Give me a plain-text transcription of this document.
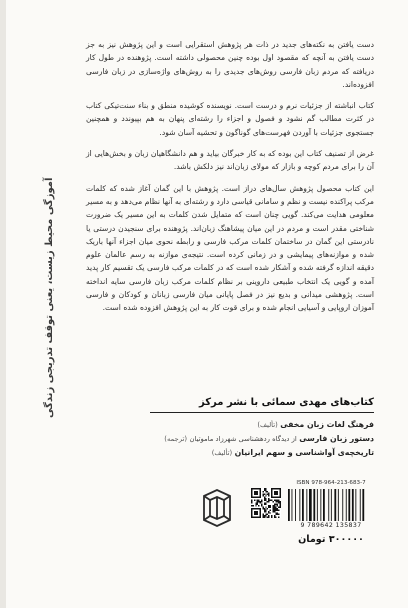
دست یافتن به نکته‌های جدید در ذات هر پژوهش استقرایی است و این پژوهش نیز به جز دست یافتن به آنچه که مقصود اول بوده چنین محصولی داشته است. پژوهنده در طول کار دریافته که مردم زبان فارسی روش‌های جدیدی را به روش‌های واژه‌سازی در زبان فارسی افزوده‌اند.

کتاب انباشته از جزئیات نرم و درست است. نویسنده کوشیده منطق و بناء سنت‌تیکی کتاب در کثرت مطالب گم نشود و فصول و اجزاء را رشته‌ای پنهان به هم بپیوندد و همچنین جستجوی جزئیات با آوردن فهرست‌های گوناگون و تحشیه آسان شود.

غرض از تصنیف کتاب این بوده که به کار خبرگان بیاید و هم دانشگاهیان زبان و بخش‌هایی از آن را برای مردم کوچه و بازار که مولای زبان‌اند نیز دلکش باشد.

این کتاب محصول پژوهش سال‌های دراز است. پژوهش با این گمان آغاز شده که کلمات مرکب پراکنده نیست و نظم و سامانی قیاسی دارد و رشته‌ای به آنها نظام می‌دهد و به مسیر معلومی هدایت می‌کند. گویی چنان است که متمایل شدن کلمات به این مسیر یک ضرورت شناختی مقدر است و مردم در این میان پیشاهنگ زبان‌اند. پژوهنده برای سنجیدن درستی یا نادرستی این گمان در ساختمان کلمات مرکب فارسی و رابطه نحوی میان اجزاء آنها باریک شده و موازنه‌های پیمایشی و در زمانی کرده است. نتیجه‌ی موازنه به رسم عالمان علوم دقیقه اندازه گرفته شده و آشکار شده است که در کلمات مرکب فارسی یک تقسیم کار پدید آمده و گویی یک انتخاب طبیعی داروینی بر نظام کلمات مرکب زبان فارسی سایه انداخته است. پژوهشی میدانی و بدیع نیز در فصل پایانی میان فارسی زبانان و کودکان و فارسی آموزان اروپایی و آسیایی انجام شده و برای قوت کار به این پژوهش افزوده شده است.

آموزگی محیط زیست، یعنی توقف تدریجی زندگی	کتاب‌های مهدی سمائی با نشر مرکز
فرهنگ لغات زبان مخفی (تألیف)
دستور زبان فارسی از دیدگاه ردهشناسی شهرزاد ماموتیان (ترجمه)
تاریخچه‌ی آواشناسی و سهم ایرانیان (تألیف)
ISBN 978-964-213-683-7
9 789642 135837
۳۰۰۰۰۰ تومان
